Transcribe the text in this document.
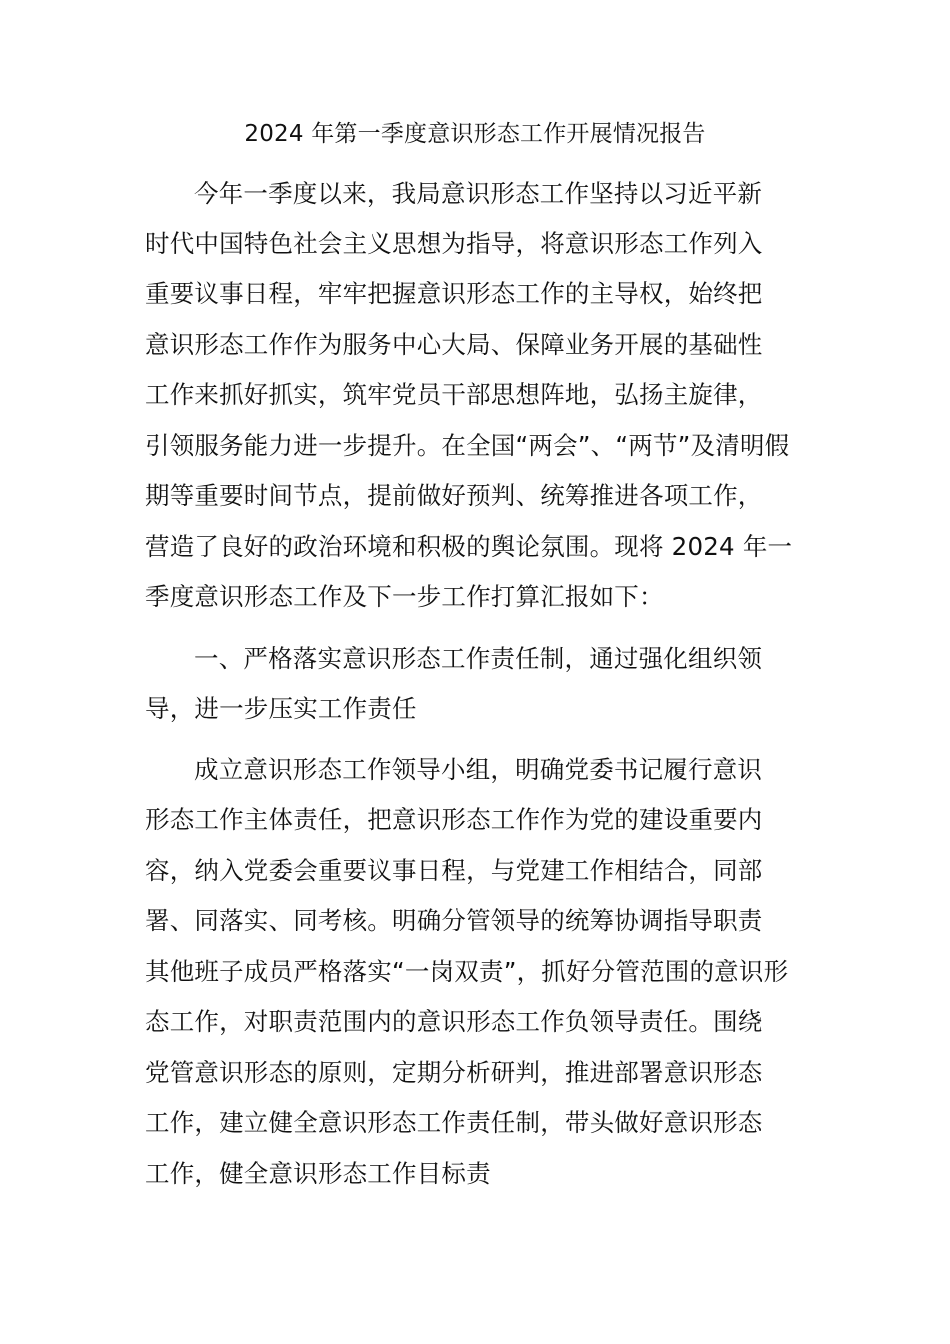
2024 年第一季度意识形态工作开展情况报告
今年一季度以来，我局意识形态工作坚持以习近平新
时代中国特色社会主义思想为指导，将意识形态工作列入
重要议事日程，牢牢把握意识形态工作的主导权，始终把
意识形态工作作为服务中心大局、保障业务开展的基础性
工作来抓好抓实，筑牢党员干部思想阵地，弘扬主旋律，
引领服务能力进一步提升。在全国“两会”、“两节”及清明假
期等重要时间节点，提前做好预判、统筹推进各项工作，
营造了良好的政治环境和积极的舆论氛围。现将 2024 年一
季度意识形态工作及下一步工作打算汇报如下：
一、严格落实意识形态工作责任制，通过强化组织领
导，进一步压实工作责任
成立意识形态工作领导小组，明确党委书记履行意识
形态工作主体责任，把意识形态工作作为党的建设重要内
容，纳入党委会重要议事日程，与党建工作相结合，同部
署、同落实、同考核。明确分管领导的统筹协调指导职责
其他班子成员严格落实“一岗双责”，抓好分管范围的意识形
态工作，对职责范围内的意识形态工作负领导责任。围绕
党管意识形态的原则，定期分析研判，推进部署意识形态
工作，建立健全意识形态工作责任制，带头做好意识形态
工作，健全意识形态工作目标责
